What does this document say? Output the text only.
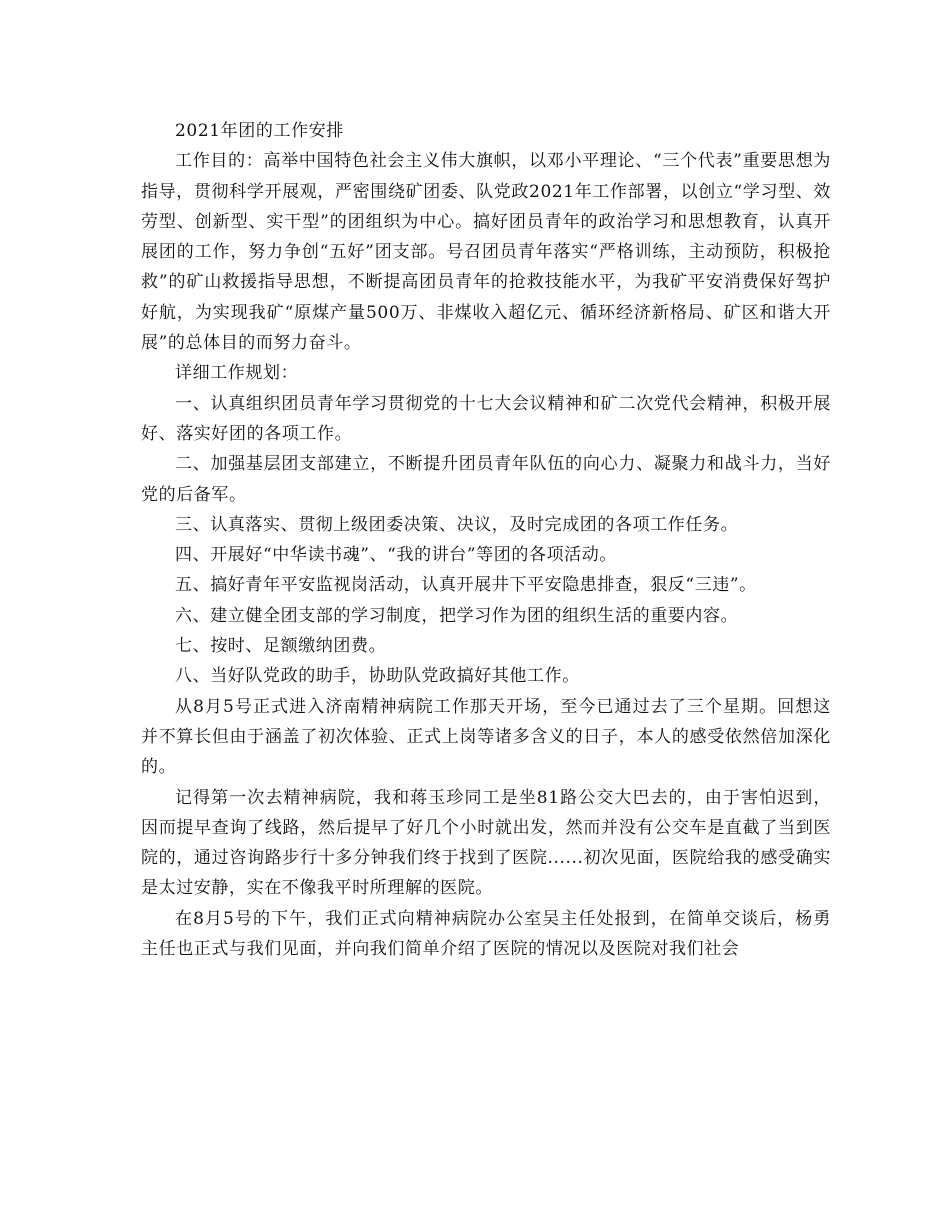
2021年团的工作安排

工作目的：高举中国特色社会主义伟大旗帜，以邓小平理论、“三个代表”重要思想为指导，贯彻科学开展观，严密围绕矿团委、队党政2021年工作部署，以创立“学习型、效劳型、创新型、实干型”的团组织为中心。搞好团员青年的政治学习和思想教育，认真开展团的工作，努力争创“五好”团支部。号召团员青年落实“严格训练，主动预防，积极抢救”的矿山救援指导思想，不断提高团员青年的抢救技能水平，为我矿平安消费保好驾护好航，为实现我矿“原煤产量500万、非煤收入超亿元、循环经济新格局、矿区和谐大开展”的总体目的而努力奋斗。

详细工作规划：

一、认真组织团员青年学习贯彻党的十七大会议精神和矿二次党代会精神，积极开展好、落实好团的各项工作。

二、加强基层团支部建立，不断提升团员青年队伍的向心力、凝聚力和战斗力，当好党的后备军。

三、认真落实、贯彻上级团委决策、决议，及时完成团的各项工作任务。

四、开展好“中华读书魂”、“我的讲台”等团的各项活动。

五、搞好青年平安监视岗活动，认真开展井下平安隐患排查，狠反“三违”。

六、建立健全团支部的学习制度，把学习作为团的组织生活的重要内容。

七、按时、足额缴纳团费。

八、当好队党政的助手，协助队党政搞好其他工作。

从8月5号正式进入济南精神病院工作那天开场，至今已通过去了三个星期。回想这并不算长但由于涵盖了初次体验、正式上岗等诸多含义的日子，本人的感受依然倍加深化的。

记得第一次去精神病院，我和蒋玉珍同工是坐81路公交大巴去的，由于害怕迟到，因而提早查询了线路，然后提早了好几个小时就出发，然而并没有公交车是直截了当到医院的，通过咨询路步行十多分钟我们终于找到了医院......初次见面，医院给我的感受确实是太过安静，实在不像我平时所理解的医院。

在8月5号的下午，我们正式向精神病院办公室吴主任处报到，在简单交谈后，杨勇主任也正式与我们见面，并向我们简单介绍了医院的情况以及医院对我们社会
